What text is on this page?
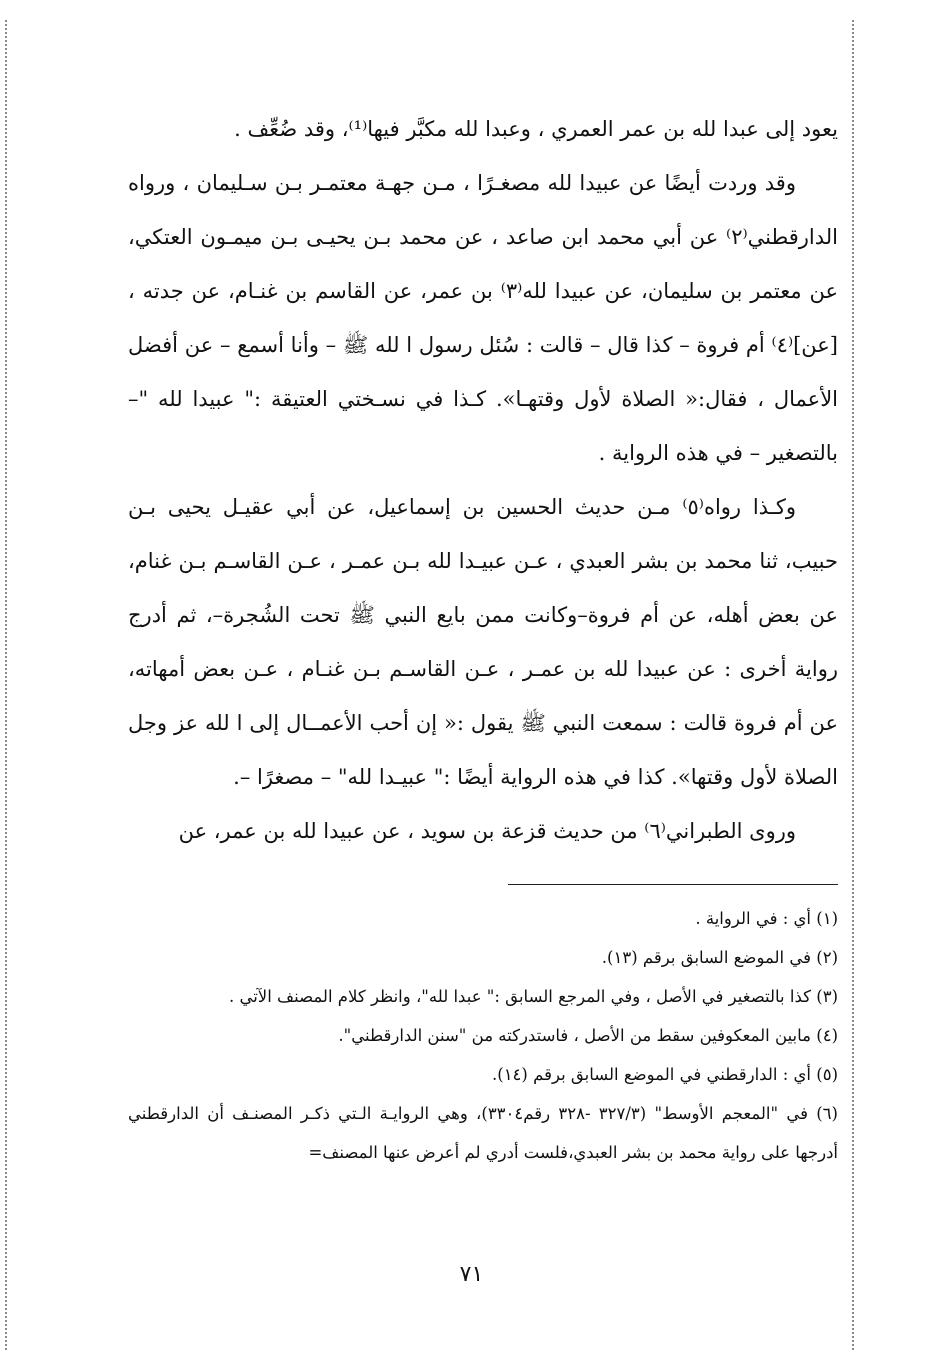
يعود إلى عبدا لله بن عمر العمري ، وعبدا لله مكبَّر فيها⁽¹⁾، وقد ضُعِّف .

وقد وردت أيضًا عن عبيدا لله مصغـرًا ، مـن جهـة معتمـر بـن سـليمان ، ورواه الدارقطني⁽٢⁾ عن أبي محمد ابن صاعد ، عن محمد بـن يحيـى بـن ميمـون العتكي، عن معتمر بن سليمان، عن عبيدا لله⁽٣⁾ بن عمر، عن القاسم بن غنـام، عن جدته ،[عن]⁽٤⁾ أم فروة – كذا قال – قالت : سُئل رسول ا لله ﷺ – وأنا أسمع – عن أفضل الأعمال ، فقال:« الصلاة لأول وقتهـا». كـذا في نسـختي العتيقة :" عبيدا لله "– بالتصغير – في هذه الرواية .

وكـذا رواه⁽٥⁾ مـن حديث الحسين بن إسماعيل، عن أبي عقيـل يحيى بـن حبيب، ثنا محمد بن بشر العبدي ، عـن عبيـدا لله بـن عمـر ، عـن القاسـم بـن غنام، عن بعض أهله، عن أم فروة–وكانت ممن بايع النبي ﷺ تحت الشُجرة–، ثم أدرج رواية أخرى : عن عبيدا لله بن عمـر ، عـن القاسـم بـن غنـام ، عـن بعض أمهاته، عن أم فروة قالت : سمعت النبي ﷺ يقول :« إن أحب الأعمــال إلى ا لله عز وجل الصلاة لأول وقتها». كذا في هذه الرواية أيضًا :" عبيـدا لله" – مصغرًا –.

وروى الطبراني⁽٦⁾ من حديث قزعة بن سويد ، عن عبيدا لله بن عمر، عن

(١) أي : في الرواية .

(٢) في الموضع السابق برقم (١٣).

(٣) كذا بالتصغير في الأصل ، وفي المرجع السابق :" عبدا لله"، وانظر كلام المصنف الآتي .

(٤) مابين المعكوفين سقط من الأصل ، فاستدركته من "سنن الدارقطني".

(٥) أي : الدارقطني في الموضع السابق برقم (١٤).

(٦) في "المعجم الأوسط" (٣٢٧/٣ -٣٢٨ رقم٣٣٠٤)، وهي الروايـة الـتي ذكـر المصنـف أن الدارقطني أدرجها على رواية محمد بن بشر العبدي،فلست أدري لم أعرض عنها المصنف=

٧١
